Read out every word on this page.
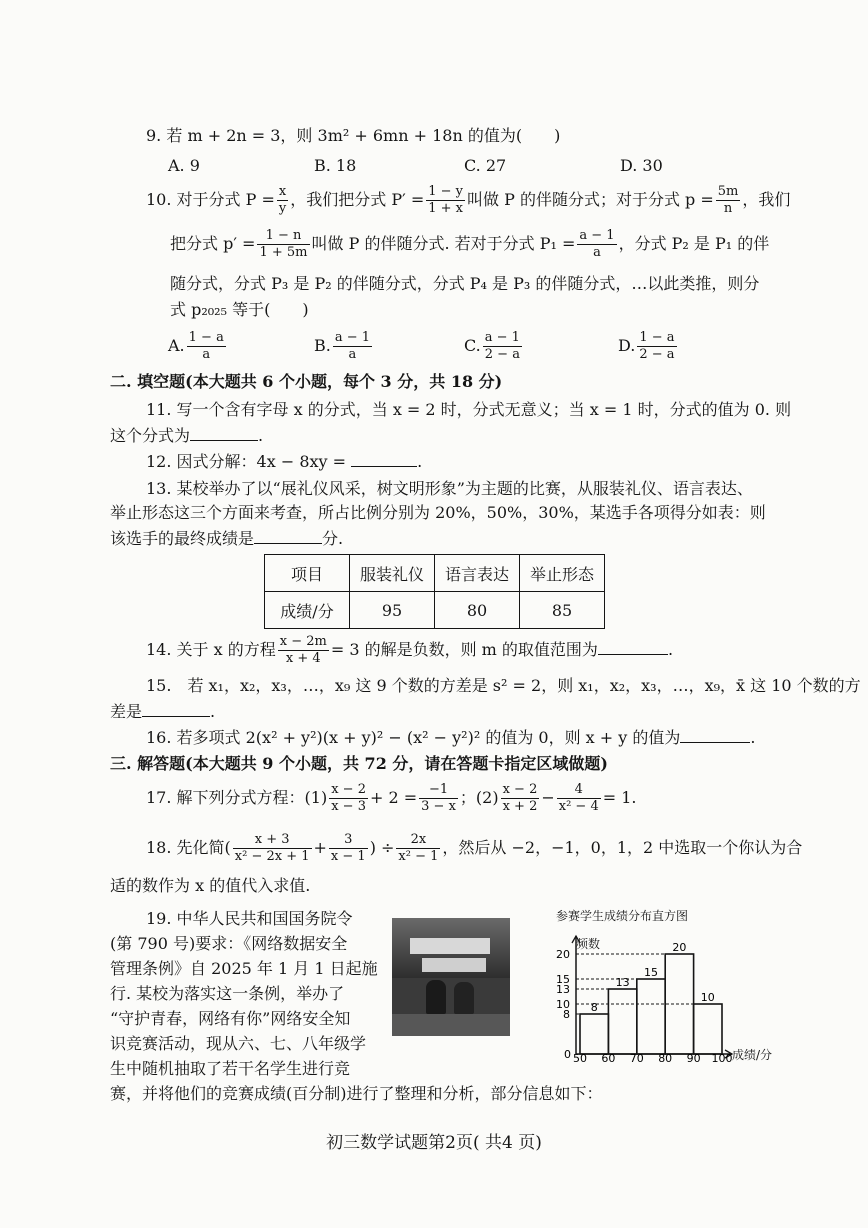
9. 若 m + 2n = 3，则 3m² + 6mn + 18n 的值为(　　)
A. 9	B. 18	C. 27	D. 30
10. 对于分式 $P = \frac{x}{y}$ ，我们把分式 $P' = \frac{1 - y}{1 + x}$ 叫做 P 的伴随分式；对于分式 $p = \frac{5m}{n}$ ，我们
把分式 $p' = \frac{1 - n}{1 + 5m}$ 叫做 P 的伴随分式. 若对于分式 $P_1 = \frac{a - 1}{a}$ ，分式 P₂ 是 P₁ 的伴
随分式，分式 P₃ 是 P₂ 的伴随分式，分式 P₄ 是 P₃ 的伴随分式，…以此类推，则分
式 p₂₀₂₅ 等于(　　)
A. $\frac{1 - a}{a}$	B. $\frac{a - 1}{a}$	C. $\frac{a - 1}{2 - a}$	D. $\frac{1 - a}{2 - a}$
二. 填空题(本大题共 6 个小题，每个 3 分，共 18 分)
11. 写一个含有字母 x 的分式，当 x = 2 时，分式无意义；当 x = 1 时，分式的值为 0. 则
这个分式为	.
12. 因式分解：4x − 8xy =	.
13. 某校举办了以“展礼仪风采，树文明形象”为主题的比赛，从服装礼仪、语言表达、
举止形态这三个方面来考查，所占比例分别为 20%，50%，30%，某选手各项得分如表：则
该选手的最终成绩是	分.
项目	服装礼仪	语言表达	举止形态
成绩/分	95	80	85
14. 关于 x 的方程 $\frac{x - 2m}{x + 4} = 3$ 的解是负数，则 m 的取值范围为	.
15.　若 x₁，x₂，x₃，…，x₉ 这 9 个数的方差是 s² = 2，则 x₁，x₂，x₃，…，x₉，x̄ 这 10 个数的方
差是	.
16. 若多项式 2(x² + y²)(x + y)² − (x² − y²)² 的值为 0，则 x + y 的值为	.
三. 解答题(本大题共 9 个小题，共 72 分，请在答题卡指定区域做题)
17. 解下列分式方程：$(1) \frac{x - 2}{x - 3} + 2 = \frac{-1}{3 - x}$ ；$(2) \frac{x - 2}{x + 2} - \frac{4}{\text{x² − 4}} = 1$.
18. 先化简( $\frac{x + 3}{\text{x² − 2x + 1}} + \frac{3}{x - 1}$ ) ÷ $\frac{2x}{\text{x² − 1}}$ ，然后从 −2，−1，0，1，2 中选取一个你认为合
适的数作为 x 的值代入求值.
19. 中华人民共和国国务院令
(第 790 号)要求：《网络数据安全
管理条例》自 2025 年 1 月 1 日起施
行. 某校为落实这一条例，举办了
“守护青春，网络有你”网络安全知
识竞赛活动，现从六、七、八年级学
生中随机抽取了若干名学生进行竞
赛，并将他们的竞赛成绩(百分制)进行了整理和分析，部分信息如下：
参赛学生成绩分布直方图
0
8
13
15
20
10
8
10
13
15
20
50 60 70 80 90 100
频数
成绩/分
初三数学试题第2页( 共4 页)
